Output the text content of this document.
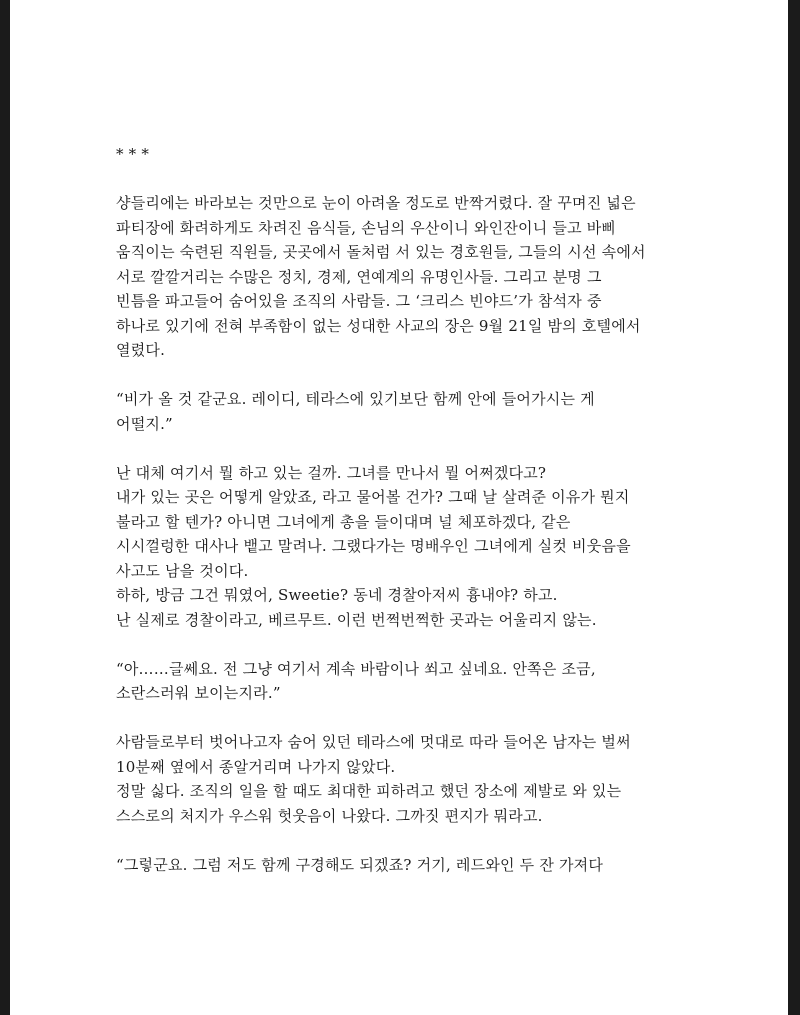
* * *
샹들리에는 바라보는 것만으로 눈이 아려올 정도로 반짝거렸다. 잘 꾸며진 넓은
파티장에 화려하게도 차려진 음식들, 손님의 우산이니 와인잔이니 들고 바삐
움직이는 숙련된 직원들, 곳곳에서 돌처럼 서 있는 경호원들, 그들의 시선 속에서
서로 깔깔거리는 수많은 정치, 경제, 연예계의 유명인사들. 그리고 분명 그
빈틈을 파고들어 숨어있을 조직의 사람들. 그 ‘크리스 빈야드’가 참석자 중
하나로 있기에 전혀 부족함이 없는 성대한 사교의 장은 9월 21일 밤의 호텔에서
열렸다.
“비가 올 것 같군요. 레이디, 테라스에 있기보단 함께 안에 들어가시는 게
어떨지.”
난 대체 여기서 뭘 하고 있는 걸까. 그녀를 만나서 뭘 어쩌겠다고?
내가 있는 곳은 어떻게 알았죠, 라고 물어볼 건가? 그때 날 살려준 이유가 뭔지
불라고 할 텐가? 아니면 그녀에게 총을 들이대며 널 체포하겠다, 같은
시시껄렁한 대사나 뱉고 말려나. 그랬다가는 명배우인 그녀에게 실컷 비웃음을
사고도 남을 것이다.
하하, 방금 그건 뭐였어, Sweetie? 동네 경찰아저씨 흉내야? 하고.
난 실제로 경찰이라고, 베르무트. 이런 번쩍번쩍한 곳과는 어울리지 않는.
“아……글쎄요. 전 그냥 여기서 계속 바람이나 쐬고 싶네요. 안쪽은 조금,
소란스러워 보이는지라.”
사람들로부터 벗어나고자 숨어 있던 테라스에 멋대로 따라 들어온 남자는 벌써
10분째 옆에서 종알거리며 나가지 않았다.
정말 싫다. 조직의 일을 할 때도 최대한 피하려고 했던 장소에 제발로 와 있는
스스로의 처지가 우스워 헛웃음이 나왔다. 그까짓 편지가 뭐라고.
“그렇군요. 그럼 저도 함께 구경해도 되겠죠? 거기, 레드와인 두 잔 가져다
